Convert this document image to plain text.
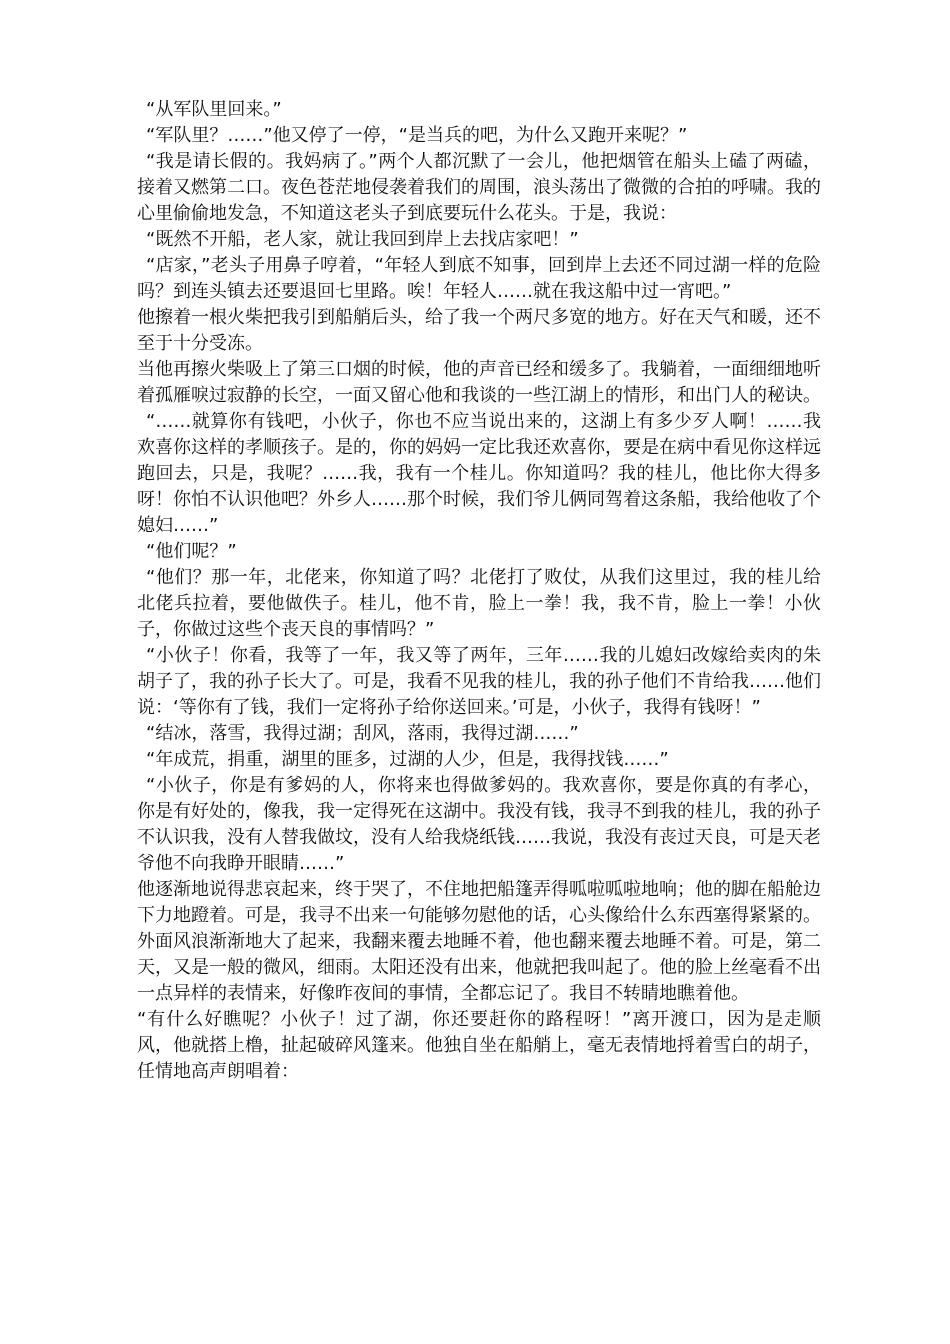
“从军队里回来。”

“军队里？……”他又停了一停，“是当兵的吧，为什么又跑开来呢？”

“我是请长假的。我妈病了。”两个人都沉默了一会儿，他把烟管在船头上磕了两磕，接着又燃第二口。夜色苍茫地侵袭着我们的周围，浪头荡出了微微的合拍的呼啸。我的心里偷偷地发急，不知道这老头子到底要玩什么花头。于是，我说：

“既然不开船，老人家，就让我回到岸上去找店家吧！”

“店家，”老头子用鼻子哼着，“年轻人到底不知事，回到岸上去还不同过湖一样的危险吗？到连头镇去还要退回七里路。唉！年轻人……就在我这船中过一宵吧。”

他擦着一根火柴把我引到船艄后头，给了我一个两尺多宽的地方。好在天气和暖，还不至于十分受冻。

当他再擦火柴吸上了第三口烟的时候，他的声音已经和缓多了。我躺着，一面细细地听着孤雁唳过寂静的长空，一面又留心他和我谈的一些江湖上的情形，和出门人的秘诀。

“……就算你有钱吧，小伙子，你也不应当说出来的，这湖上有多少歹人啊！……我欢喜你这样的孝顺孩子。是的，你的妈妈一定比我还欢喜你，要是在病中看见你这样远跑回去，只是，我呢？……我，我有一个桂儿。你知道吗？我的桂儿，他比你大得多呀！你怕不认识他吧？外乡人……那个时候，我们爷儿俩同驾着这条船，我给他收了个媳妇……”

“他们呢？”

“他们？那一年，北佬来，你知道了吗？北佬打了败仗，从我们这里过，我的桂儿给北佬兵拉着，要他做佚子。桂儿，他不肯，脸上一拳！我，我不肯，脸上一拳！小伙子，你做过这些个丧天良的事情吗？”

“小伙子！你看，我等了一年，我又等了两年，三年……我的儿媳妇改嫁给卖肉的朱胡子了，我的孙子长大了。可是，我看不见我的桂儿，我的孙子他们不肯给我……他们说：‘等你有了钱，我们一定将孙子给你送回来。’可是，小伙子，我得有钱呀！”

“结冰，落雪，我得过湖；刮风，落雨，我得过湖……”

“年成荒，捐重，湖里的匪多，过湖的人少，但是，我得找钱……”

“小伙子，你是有爹妈的人，你将来也得做爹妈的。我欢喜你，要是你真的有孝心，你是有好处的，像我，我一定得死在这湖中。我没有钱，我寻不到我的桂儿，我的孙子不认识我，没有人替我做坟，没有人给我烧纸钱……我说，我没有丧过天良，可是天老爷他不向我睁开眼睛……”

他逐渐地说得悲哀起来，终于哭了，不住地把船篷弄得呱啦呱啦地响；他的脚在船舱边下力地蹬着。可是，我寻不出来一句能够勿慰他的话，心头像给什么东西塞得紧紧的。

外面风浪渐渐地大了起来，我翻来覆去地睡不着，他也翻来覆去地睡不着。可是，第二天，又是一般的微风，细雨。太阳还没有出来，他就把我叫起了。他的脸上丝毫看不出一点异样的表情来，好像昨夜间的事情，全都忘记了。我目不转睛地瞧着他。

“有什么好瞧呢？小伙子！过了湖，你还要赶你的路程呀！”离开渡口，因为是走顺风，他就搭上橹，扯起破碎风篷来。他独自坐在船艄上，毫无表情地捋着雪白的胡子，任情地高声朗唱着：
